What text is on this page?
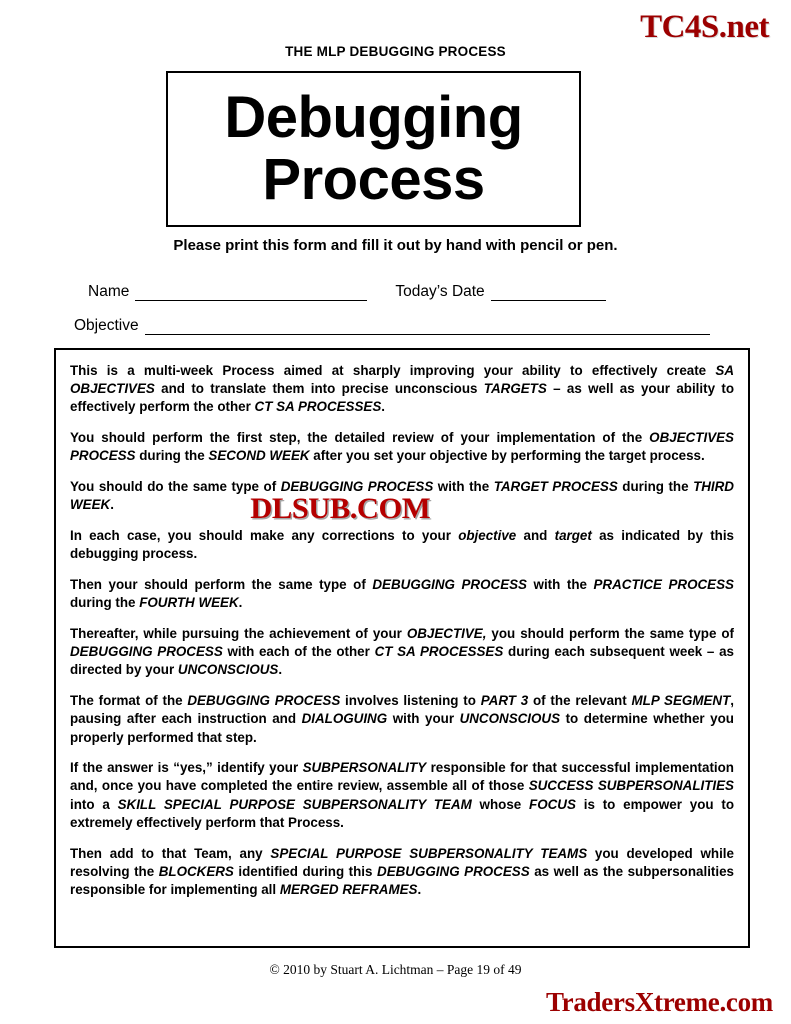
TC4S.net
THE MLP DEBUGGING PROCESS
Debugging
Process
Please print this form and fill it out by hand with pencil or pen.
Name	Today’s Date
Objective

This is a multi-week Process aimed at sharply improving your ability to effectively create SA OBJECTIVES and to translate them into precise unconscious TARGETS – as well as your ability to effectively perform the other CT SA PROCESSES.

You should perform the first step, the detailed review of your implementation of the OBJECTIVES PROCESS during the SECOND WEEK after you set your objective by performing the target process.

You should do the same type of DEBUGGING PROCESS with the TARGET PROCESS during the THIRD WEEK.

In each case, you should make any corrections to your objective and target as indicated by this debugging process.

Then your should perform the same type of DEBUGGING PROCESS with the PRACTICE PROCESS during the FOURTH WEEK.

Thereafter, while pursuing the achievement of your OBJECTIVE, you should perform the same type of DEBUGGING PROCESS with each of the other CT SA PROCESSES during each subsequent week – as directed by your UNCONSCIOUS.

The format of the DEBUGGING PROCESS involves listening to PART 3 of the relevant MLP SEGMENT, pausing after each instruction and DIALOGUING with your UNCONSCIOUS to determine whether you properly performed that step.

If the answer is “yes,” identify your SUBPERSONALITY responsible for that successful implementation and, once you have completed the entire review, assemble all of those SUCCESS SUBPERSONALITIES into a SKILL SPECIAL PURPOSE SUBPERSONALITY TEAM whose FOCUS is to empower you to extremely effectively perform that Process.

Then add to that Team, any SPECIAL PURPOSE SUBPERSONALITY TEAMS you developed while resolving the BLOCKERS identified during this DEBUGGING PROCESS as well as the subpersonalities responsible for implementing all MERGED REFRAMES.

DLSUB.COM
© 2010 by Stuart A. Lichtman – Page 19 of 49
TradersXtreme.com
